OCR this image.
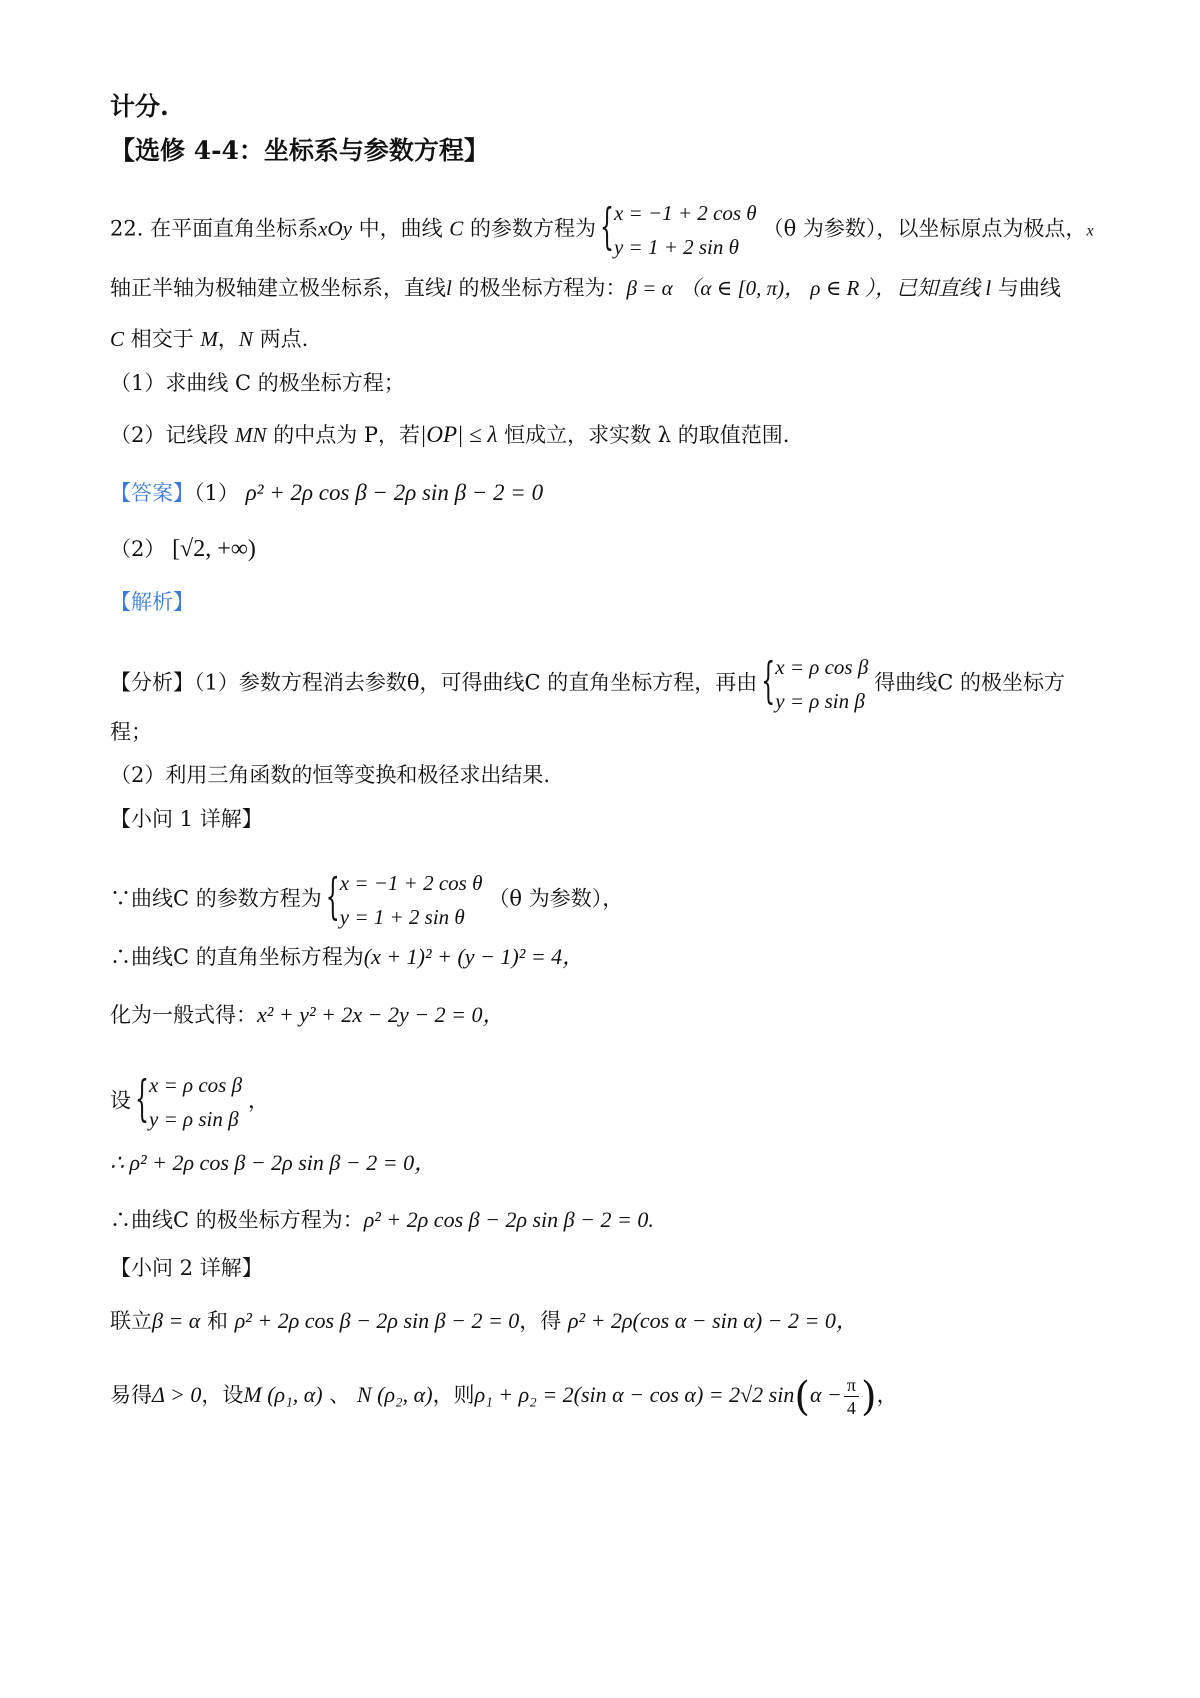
计分.
【选修 4-4：坐标系与参数方程】
22. 在平面直角坐标系xOy 中，曲线 C 的参数方程为 { x = −1 + 2 cos θ
y = 1 + 2 sin θ
（θ 为参数），以坐标原点为极点，x
轴正半轴为极轴建立极坐标系，直线l 的极坐标方程为：β = α （α ∈ [0, π)， ρ ∈ R ），已知直线 l 与曲线
C 相交于 M，N 两点.
（1）求曲线 C 的极坐标方程；
（2）记线段 MN 的中点为 P，若|OP| ≤ λ 恒成立，求实数 λ 的取值范围.
【答案】（1） ρ² + 2ρ cos β − 2ρ sin β − 2 = 0
（2） [√2, +∞)
【解析】
【分析】（1）参数方程消去参数θ，可得曲线C 的直角坐标方程，再由 { x = ρ cos β
y = ρ sin β
得曲线C 的极坐标方
程；
（2）利用三角函数的恒等变换和极径求出结果.
【小问 1 详解】
∵曲线C 的参数方程为 { x = −1 + 2 cos θ
y = 1 + 2 sin θ
（θ 为参数），
∴曲线C 的直角坐标方程为(x + 1)² + (y − 1)² = 4，
化为一般式得：x² + y² + 2x − 2y − 2 = 0，
设 { x = ρ cos β
y = ρ sin β
，
∴ ρ² + 2ρ cos β − 2ρ sin β − 2 = 0，
∴曲线C 的极坐标方程为：ρ² + 2ρ cos β − 2ρ sin β − 2 = 0.
【小问 2 详解】
联立β = α 和 ρ² + 2ρ cos β − 2ρ sin β − 2 = 0，得 ρ² + 2ρ(cos α − sin α) − 2 = 0，
易得Δ > 0，设M (ρ₁, α) 、 N (ρ₂, α)，则ρ₁ + ρ₂ = 2(sin α − cos α) = 2√2 $\sin(\alpha - \frac{\pi}{4}$ )，
